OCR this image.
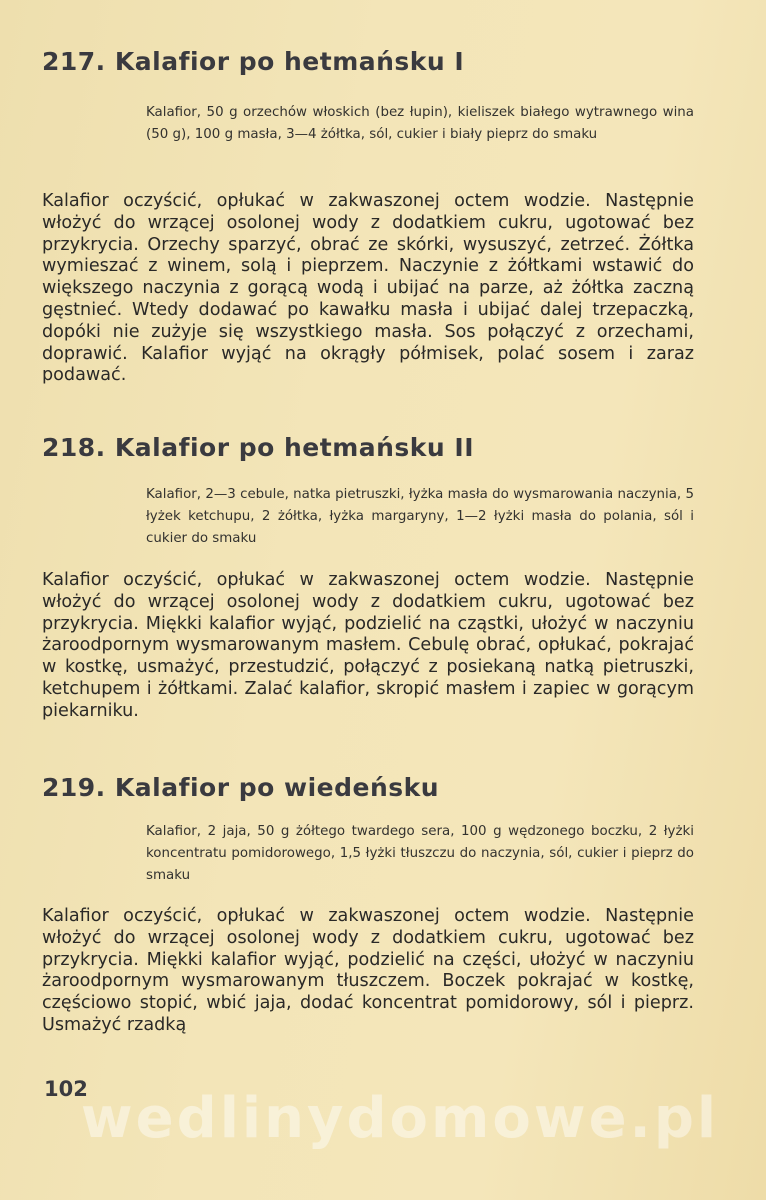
217. Kalafior po hetmańsku I

Kalafior, 50 g orzechów włoskich (bez łupin), kieliszek białego wytrawnego wina (50 g), 100 g masła, 3—4 żółtka, sól, cukier i biały pieprz do smaku

Kalafior oczyścić, opłukać w zakwaszonej octem wodzie. Następnie włożyć do wrzącej osolonej wody z dodatkiem cukru, ugotować bez przykrycia. Orzechy sparzyć, obrać ze skórki, wysuszyć, zetrzeć. Żółtka wymieszać z winem, solą i pieprzem. Naczynie z żółtkami wstawić do większego naczynia z gorącą wodą i ubijać na parze, aż żółtka zaczną gęstnieć. Wtedy dodawać po kawałku masła i ubijać dalej trzepaczką, dopóki nie zużyje się wszystkiego masła. Sos połączyć z orzechami, doprawić. Kalafior wyjąć na okrągły półmisek, polać sosem i zaraz podawać.

218. Kalafior po hetmańsku II

Kalafior, 2—3 cebule, natka pietruszki, łyżka masła do wysmarowania naczynia, 5 łyżek ketchupu, 2 żółtka, łyżka margaryny, 1—2 łyżki masła do polania, sól i cukier do smaku

Kalafior oczyścić, opłukać w zakwaszonej octem wodzie. Następnie włożyć do wrzącej osolonej wody z dodatkiem cukru, ugotować bez przykrycia. Miękki kalafior wyjąć, podzielić na cząstki, ułożyć w naczyniu żaroodpornym wysmarowanym masłem. Cebulę obrać, opłukać, pokrajać w kostkę, usmażyć, przestudzić, połączyć z posiekaną natką pietruszki, ketchupem i żółtkami. Zalać kalafior, skropić masłem i zapiec w gorącym piekarniku.

219. Kalafior po wiedeńsku

Kalafior, 2 jaja, 50 g żółtego twardego sera, 100 g wędzonego boczku, 2 łyżki koncentratu pomidorowego, 1,5 łyżki tłuszczu do naczynia, sól, cukier i pieprz do smaku

Kalafior oczyścić, opłukać w zakwaszonej octem wodzie. Następnie włożyć do wrzącej osolonej wody z dodatkiem cukru, ugotować bez przykrycia. Miękki kalafior wyjąć, podzielić na części, ułożyć w naczyniu żaroodpornym wysmarowanym tłuszczem. Boczek pokrajać w kostkę, częściowo stopić, wbić jaja, dodać koncentrat pomidorowy, sól i pieprz. Usmażyć rzadką

102
wedlinydomowe.pl
